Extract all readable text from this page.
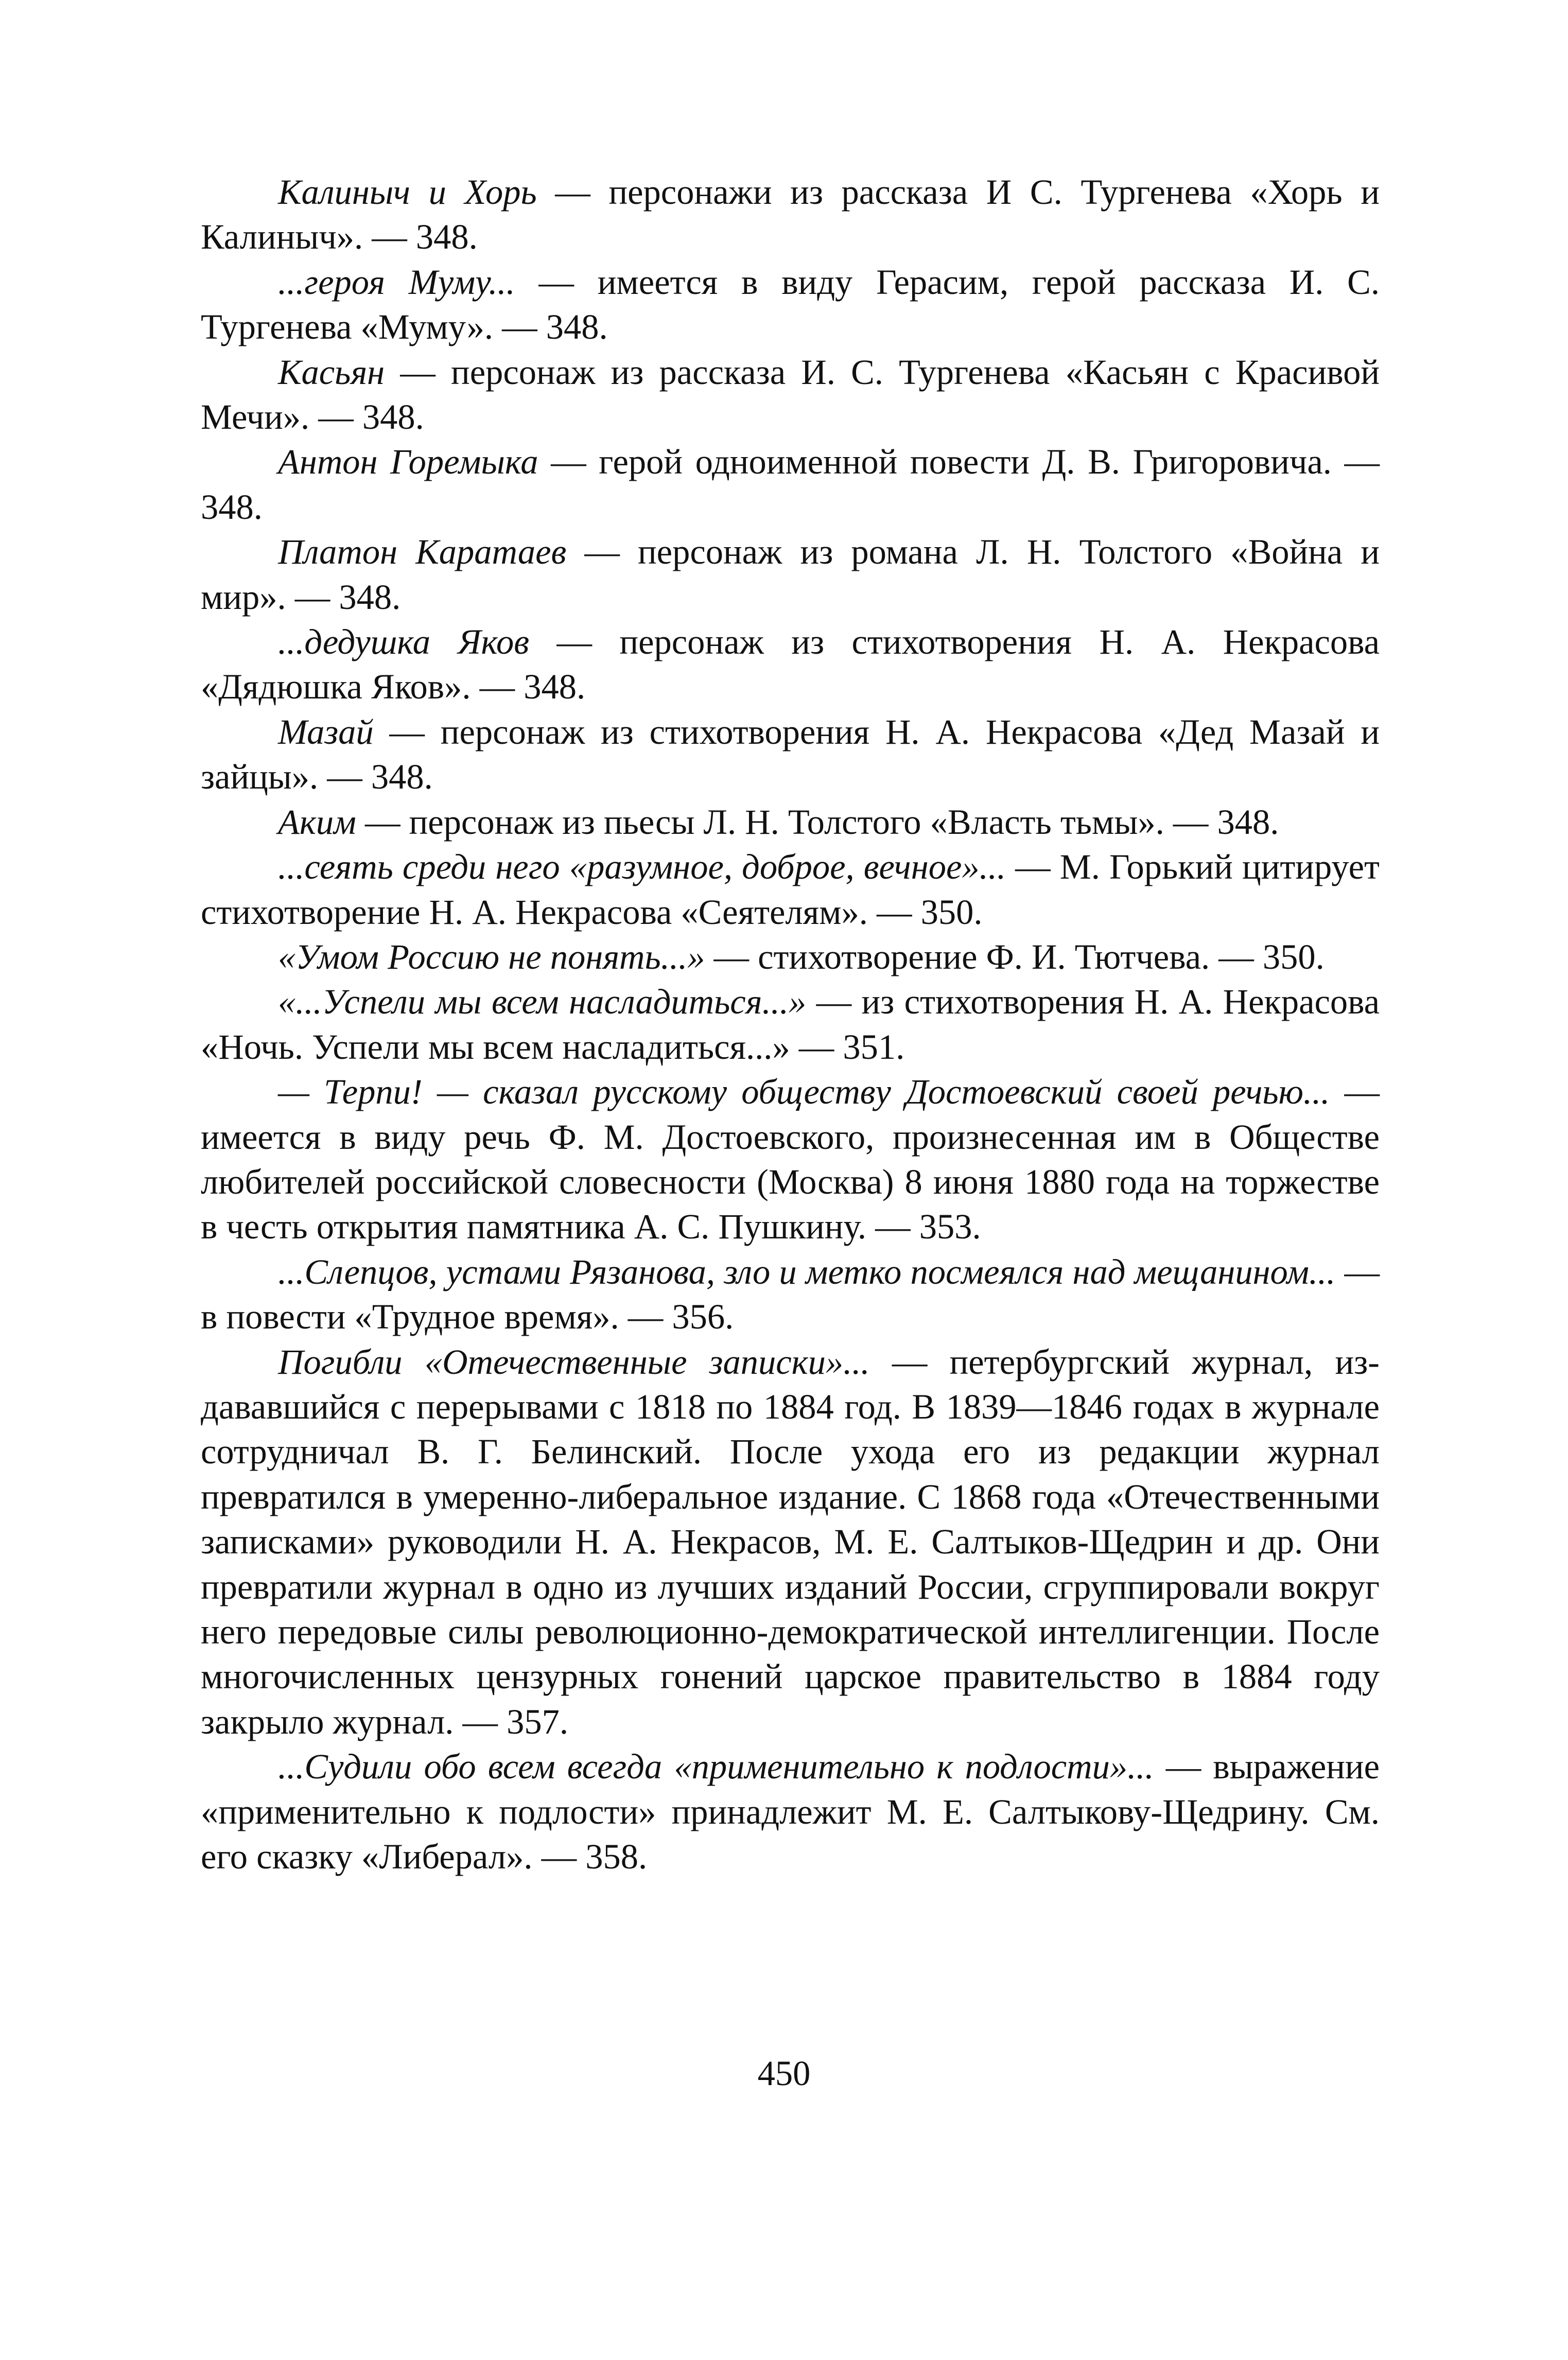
Калиныч и Хорь — персонажи из рассказа И С. Тургенева «Хорь и Калиныч». — 348.

...героя Муму... — имеется в виду Герасим, герой рассказа И. С. Тургенева «Муму». — 348.

Касьян — персонаж из рассказа И. С. Тургенева «Касьян с Красивой Мечи». — 348.

Антон Горемыка — герой одноименной повести Д. В. Григоровича. — 348.

Платон Каратаев — персонаж из романа Л. Н. Толстого «Война и мир». — 348.

...дедушка Яков — персонаж из стихотворения Н. А. Некрасова «Дядюшка Яков». — 348.

Мазай — персонаж из стихотворения Н. А. Некрасова «Дед Мазай и зайцы». — 348.

Аким — персонаж из пьесы Л. Н. Толстого «Власть тьмы». — 348.

...сеять среди него «разумное, доброе, вечное»... — М. Горький цитирует стихотворение Н. А. Некрасова «Сеятелям». — 350.

«Умом Россию не понять...» — стихотворение Ф. И. Тютчева. — 350.

«...Успели мы всем насладиться...» — из стихотворения Н. А. Некрасова «Ночь. Успели мы всем насладиться...» — 351.

— Терпи! — сказал русскому обществу Достоевский своей речью... — имеется в виду речь Ф. М. Достоевского, произнесенная им в Обществе любителей российской словесности (Москва) 8 июня 1880 года на торжестве в честь открытия памятника А. С. Пушкину. — 353.

...Слепцов, устами Рязанова, зло и метко посмеялся над мещанином... — в повести «Трудное время». — 356.

Погибли «Отечественные записки»... — петербургский журнал, издававшийся с перерывами с 1818 по 1884 год. В 1839—1846 годах в журнале сотрудничал В. Г. Белинский. После ухода его из редакции журнал превратился в умеренно-либеральное издание. С 1868 года «Отечественными записками» руководили Н. А. Некрасов, М. Е. Салтыков-Щедрин и др. Они превратили журнал в одно из лучших изданий России, сгруппировали вокруг него передовые силы революционно-демократической интеллигенции. После многочисленных цензурных гонений царское правительство в 1884 году закрыло журнал. — 357.

...Судили обо всем всегда «применительно к подлости»... — выражение «применительно к подлости» принадлежит М. Е. Салтыкову-Щедрину. См. его сказку «Либерал». — 358.

450
